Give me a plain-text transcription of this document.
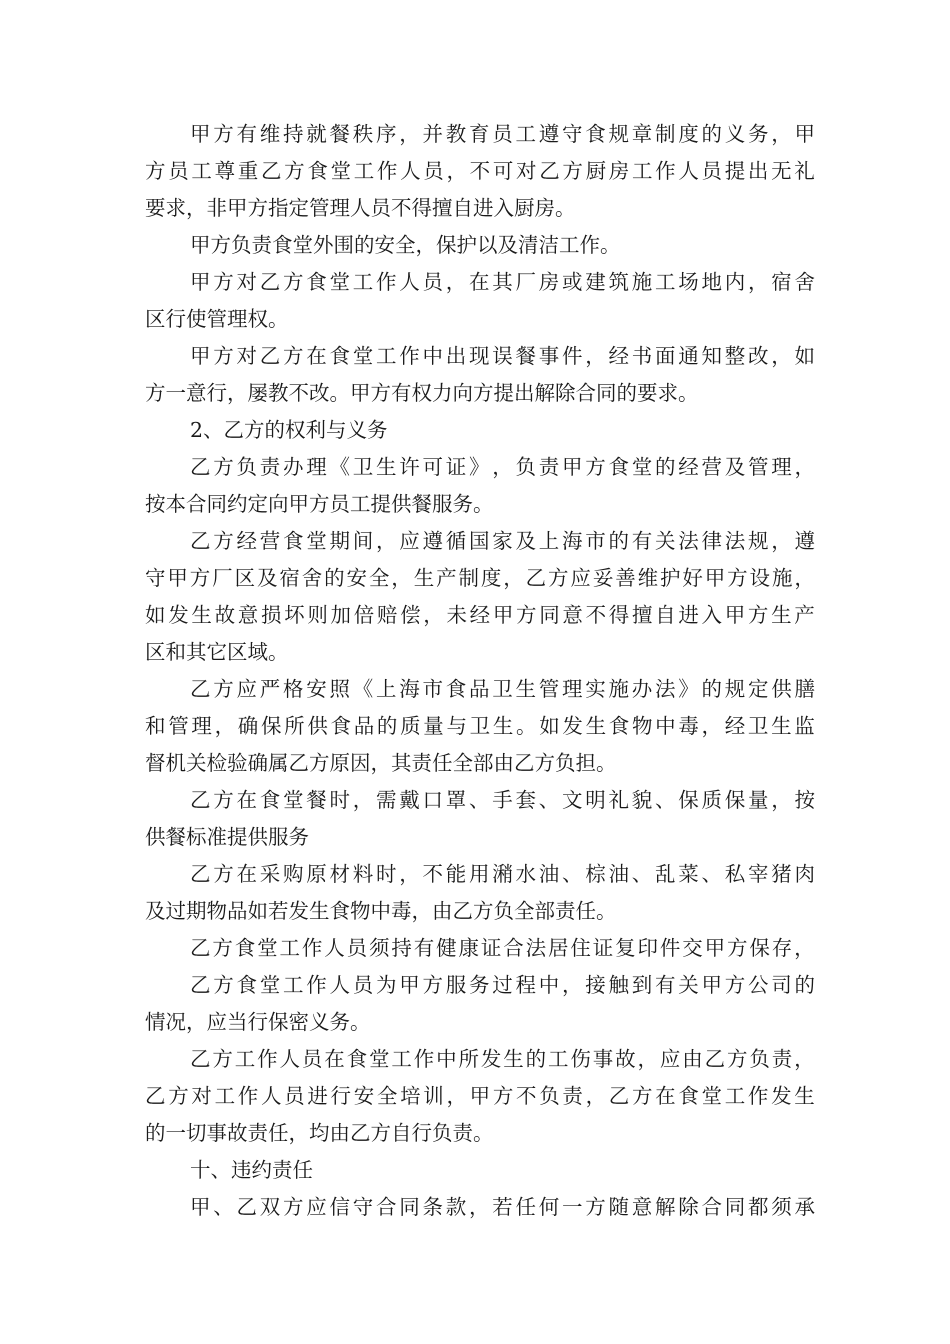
甲 方 有 维 持 就 餐 秩 序 ， 并 教 育 员 工 遵 守 食 规 章 制 度 的 义 务 ， 甲
方 员 工 尊 重 乙 方 食 堂 工 作 人 员 ， 不 可 对 乙 方 厨 房 工 作 人 员 提 出 无 礼
要求，非甲方指定管理人员不得擅自进入厨房。
甲方负责食堂外围的安全，保护以及清洁工作。
甲 方 对 乙 方 食 堂 工 作 人 员 ， 在 其 厂 房 或 建 筑 施 工 场 地 内 ， 宿 舍
区行使管理权。
甲 方 对 乙 方 在 食 堂 工 作 中 出 现 误 餐 事 件 ， 经 书 面 通 知 整 改 ， 如
方一意行，屡教不改。甲方有权力向方提出解除合同的要求。
2、乙方的权利与义务
乙 方 负 责 办 理 《 卫 生 许 可 证 》 ， 负 责 甲 方 食 堂 的 经 营 及 管 理 ，
按本合同约定向甲方员工提供餐服务。
乙 方 经 营 食 堂 期 间 ， 应 遵 循 国 家 及 上 海 市 的 有 关 法 律 法 规 ， 遵
守 甲 方 厂 区 及 宿 舍 的 安 全 ， 生 产 制 度 ， 乙 方 应 妥 善 维 护 好 甲 方 设 施 ，
如 发 生 故 意 损 坏 则 加 倍 赔 偿 ， 未 经 甲 方 同 意 不 得 擅 自 进 入 甲 方 生 产
区和其它区域。
乙 方 应 严 格 安 照 《 上 海 市 食 品 卫 生 管 理 实 施 办 法 》 的 规 定 供 膳
和 管 理 ， 确 保 所 供 食 品 的 质 量 与 卫 生 。 如 发 生 食 物 中 毒 ， 经 卫 生 监
督机关检验确属乙方原因，其责任全部由乙方负担。
乙 方 在 食 堂 餐 时 ， 需 戴 口 罩 、 手 套 、 文 明 礼 貌 、 保 质 保 量 ， 按
供餐标准提供服务
乙 方 在 采 购 原 材 料 时 ， 不 能 用 潲 水 油 、 棕 油 、 乱 菜 、 私 宰 猪 肉
及过期物品如若发生食物中毒，由乙方负全部责任。
乙 方 食 堂 工 作 人 员 须 持 有 健 康 证 合 法 居 住 证 复 印 件 交 甲 方 保 存 ，
乙 方 食 堂 工 作 人 员 为 甲 方 服 务 过 程 中 ， 接 触 到 有 关 甲 方 公 司 的
情况，应当行保密义务。
乙 方 工 作 人 员 在 食 堂 工 作 中 所 发 生 的 工 伤 事 故 ， 应 由 乙 方 负 责 ，
乙 方 对 工 作 人 员 进 行 安 全 培 训 ， 甲 方 不 负 责 ， 乙 方 在 食 堂 工 作 发 生
的一切事故责任，均由乙方自行负责。
十、违约责任
甲 、 乙 双 方 应 信 守 合 同 条 款 ， 若 任 何 一 方 随 意 解 除 合 同 都 须 承
